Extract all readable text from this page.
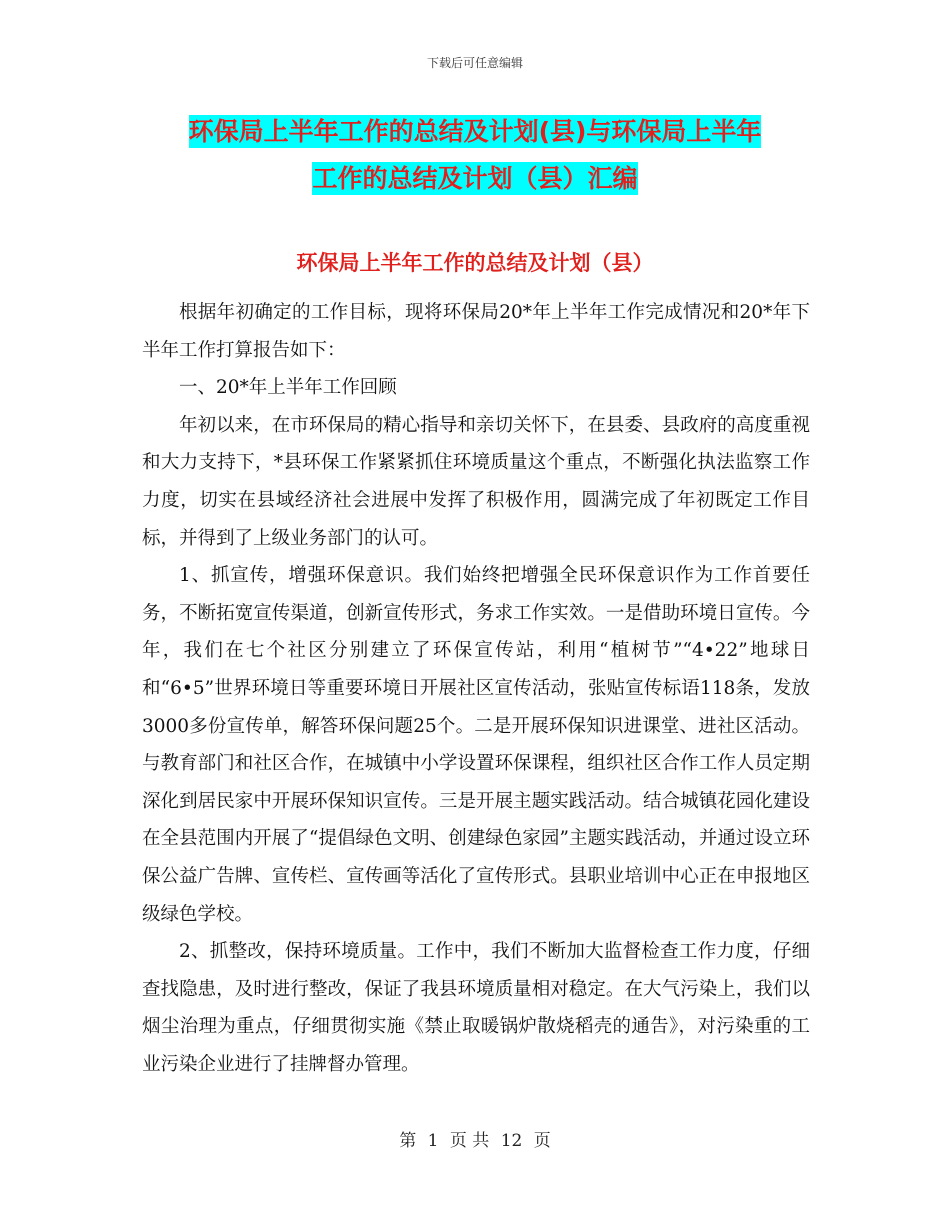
下载后可任意编辑
环保局上半年工作的总结及计划(县)与环保局上半年
工作的总结及计划（县）汇编
环保局上半年工作的总结及计划（县）

根据年初确定的工作目标，现将环保局20*年上半年工作完成情况和20*年下半年工作打算报告如下：

一、20*年上半年工作回顾

年初以来，在市环保局的精心指导和亲切关怀下，在县委、县政府的高度重视和大力支持下，*县环保工作紧紧抓住环境质量这个重点，不断强化执法监察工作力度，切实在县域经济社会进展中发挥了积极作用，圆满完成了年初既定工作目标，并得到了上级业务部门的认可。

1、抓宣传，增强环保意识。我们始终把增强全民环保意识作为工作首要任务，不断拓宽宣传渠道，创新宣传形式，务求工作实效。一是借助环境日宣传。今年，我们在七个社区分别建立了环保宣传站，利用“植树节”“4•22”地球日和“6•5”世界环境日等重要环境日开展社区宣传活动，张贴宣传标语118条，发放3000多份宣传单，解答环保问题25个。二是开展环保知识进课堂、进社区活动。与教育部门和社区合作，在城镇中小学设置环保课程，组织社区合作工作人员定期深化到居民家中开展环保知识宣传。三是开展主题实践活动。结合城镇花园化建设在全县范围内开展了“提倡绿色文明、创建绿色家园”主题实践活动，并通过设立环保公益广告牌、宣传栏、宣传画等活化了宣传形式。县职业培训中心正在申报地区级绿色学校。

2、抓整改，保持环境质量。工作中，我们不断加大监督检查工作力度，仔细查找隐患，及时进行整改，保证了我县环境质量相对稳定。在大气污染上，我们以烟尘治理为重点，仔细贯彻实施《禁止取暖锅炉散烧稻壳的通告》，对污染重的工业污染企业进行了挂牌督办管理。

第 1 页 共 12 页
